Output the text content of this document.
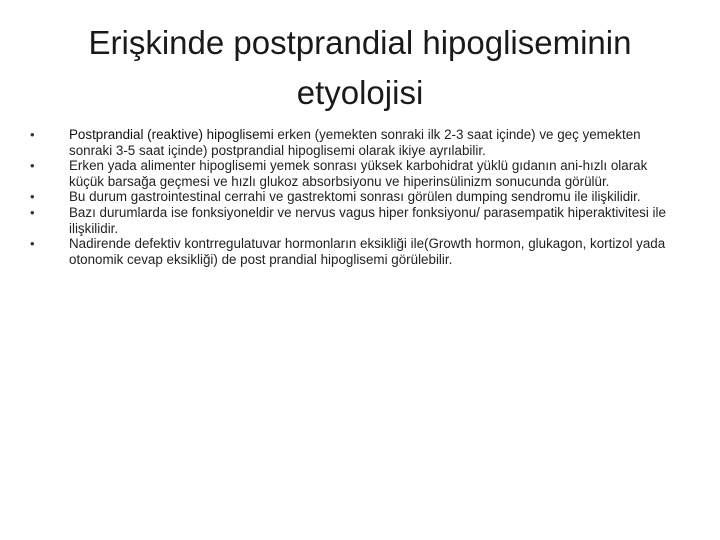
Erişkinde postprandial hipogliseminin
etyolojisi
•	Postprandial (reaktive) hipoglisemi erken (yemekten sonraki ilk 2-3 saat içinde) ve geç yemekten sonraki 3-5 saat içinde) postprandial hipoglisemi olarak ikiye ayrılabilir.
•	Erken yada alimenter hipoglisemi yemek sonrası yüksek karbohidrat yüklü gıdanın ani-hızlı olarak küçük barsağa geçmesi ve hızlı glukoz absorbsiyonu ve hiperinsülinizm sonucunda görülür.
•	Bu durum gastrointestinal cerrahi ve gastrektomi sonrası görülen dumping sendromu ile ilişkilidir.
•	Bazı durumlarda ise fonksiyoneldir ve nervus vagus hiper fonksiyonu/ parasempatik hiperaktivitesi ile ilişkilidir.
•	Nadirende defektiv kontrregulatuvar hormonların eksikliği ile(Growth hormon, glukagon, kortizol yada otonomik cevap eksikliği) de post prandial hipoglisemi görülebilir.
